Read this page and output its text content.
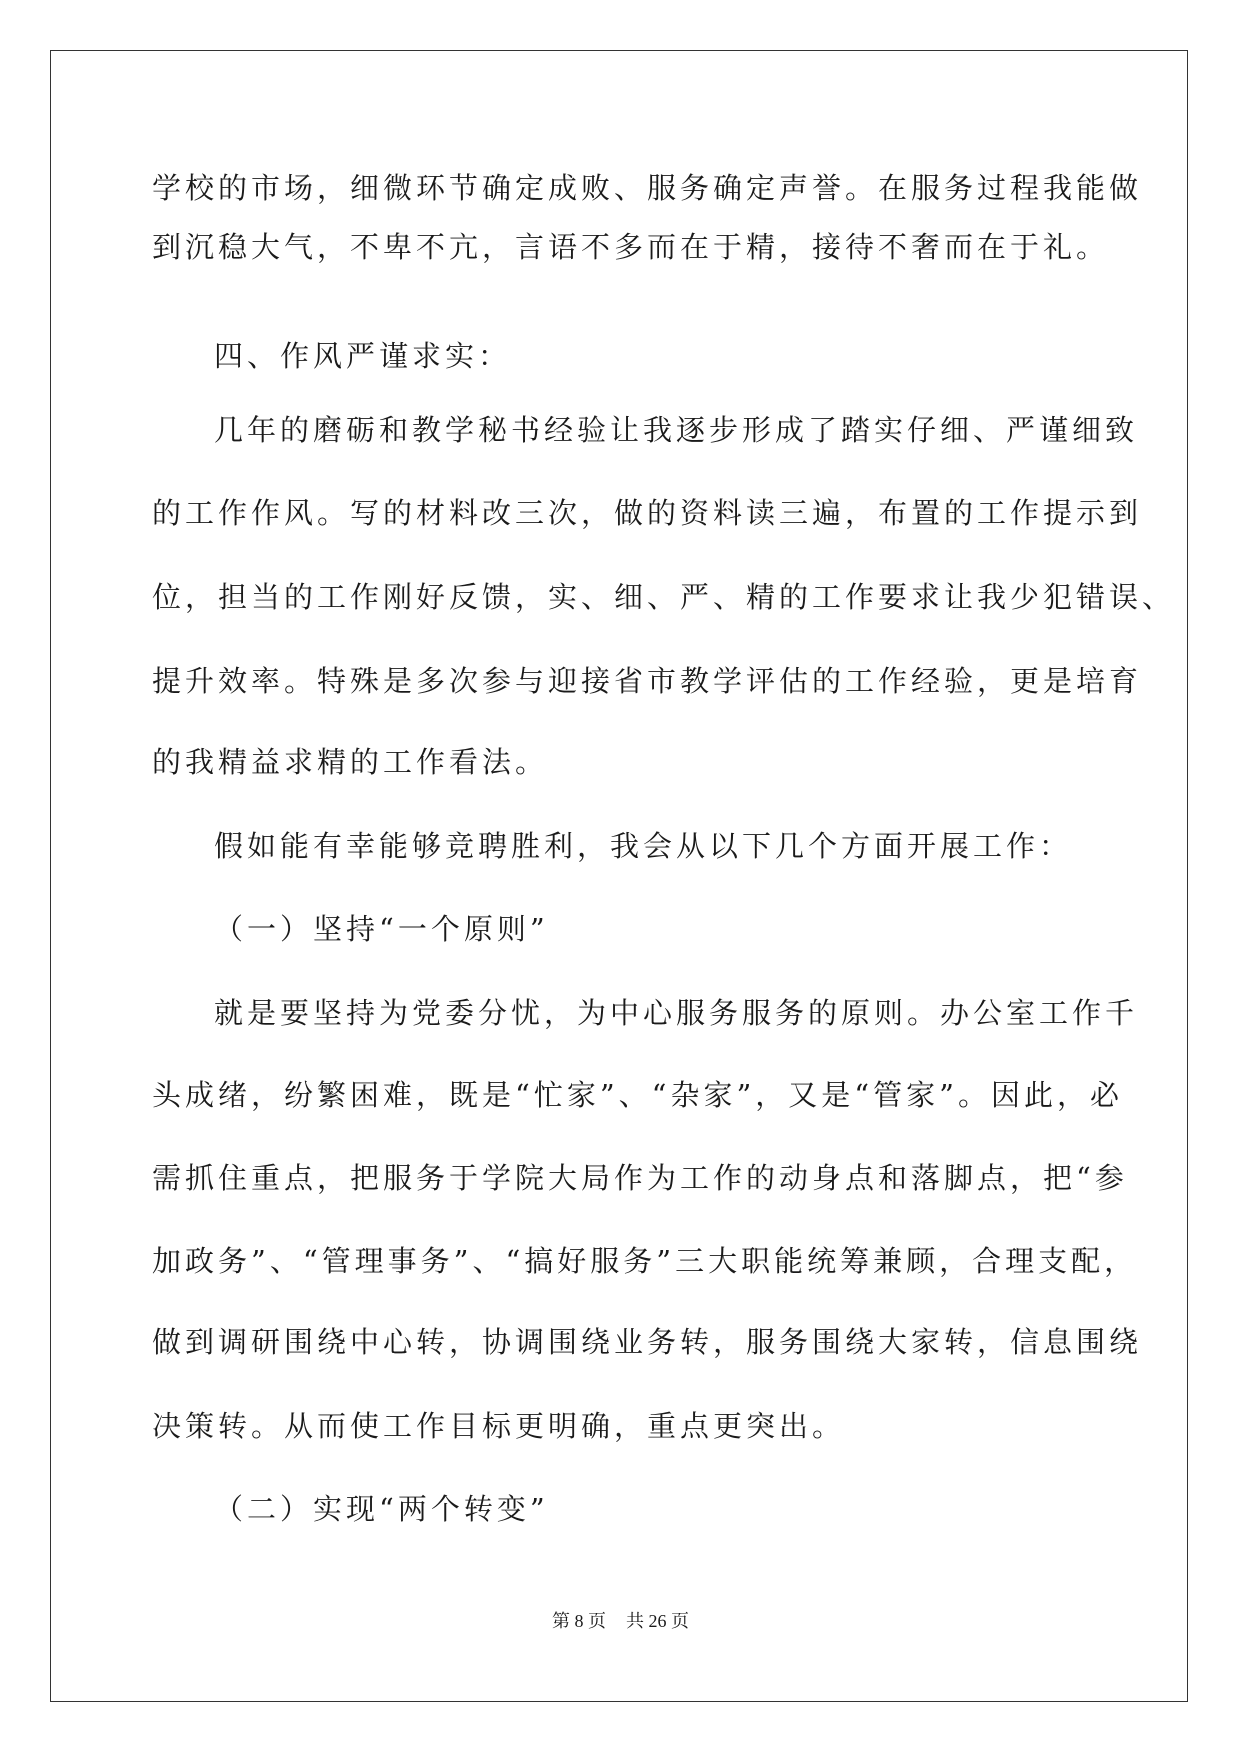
学校的市场，细微环节确定成败、服务确定声誉。在服务过程我能做

到沉稳大气，不卑不亢，言语不多而在于精，接待不奢而在于礼。

四、作风严谨求实：

几年的磨砺和教学秘书经验让我逐步形成了踏实仔细、严谨细致

的工作作风。写的材料改三次，做的资料读三遍，布置的工作提示到

位，担当的工作刚好反馈，实、细、严、精的工作要求让我少犯错误、

提升效率。特殊是多次参与迎接省市教学评估的工作经验，更是培育

的我精益求精的工作看法。

假如能有幸能够竞聘胜利，我会从以下几个方面开展工作：

（一）坚持“一个原则”

就是要坚持为党委分忧，为中心服务服务的原则。办公室工作千

头成绪，纷繁困难，既是“忙家”、“杂家”，又是“管家”。因此，必

需抓住重点，把服务于学院大局作为工作的动身点和落脚点，把“参

加政务”、“管理事务”、“搞好服务”三大职能统筹兼顾，合理支配，

做到调研围绕中心转，协调围绕业务转，服务围绕大家转，信息围绕

决策转。从而使工作目标更明确，重点更突出。

（二）实现“两个转变”

第 8 页 共 26 页
